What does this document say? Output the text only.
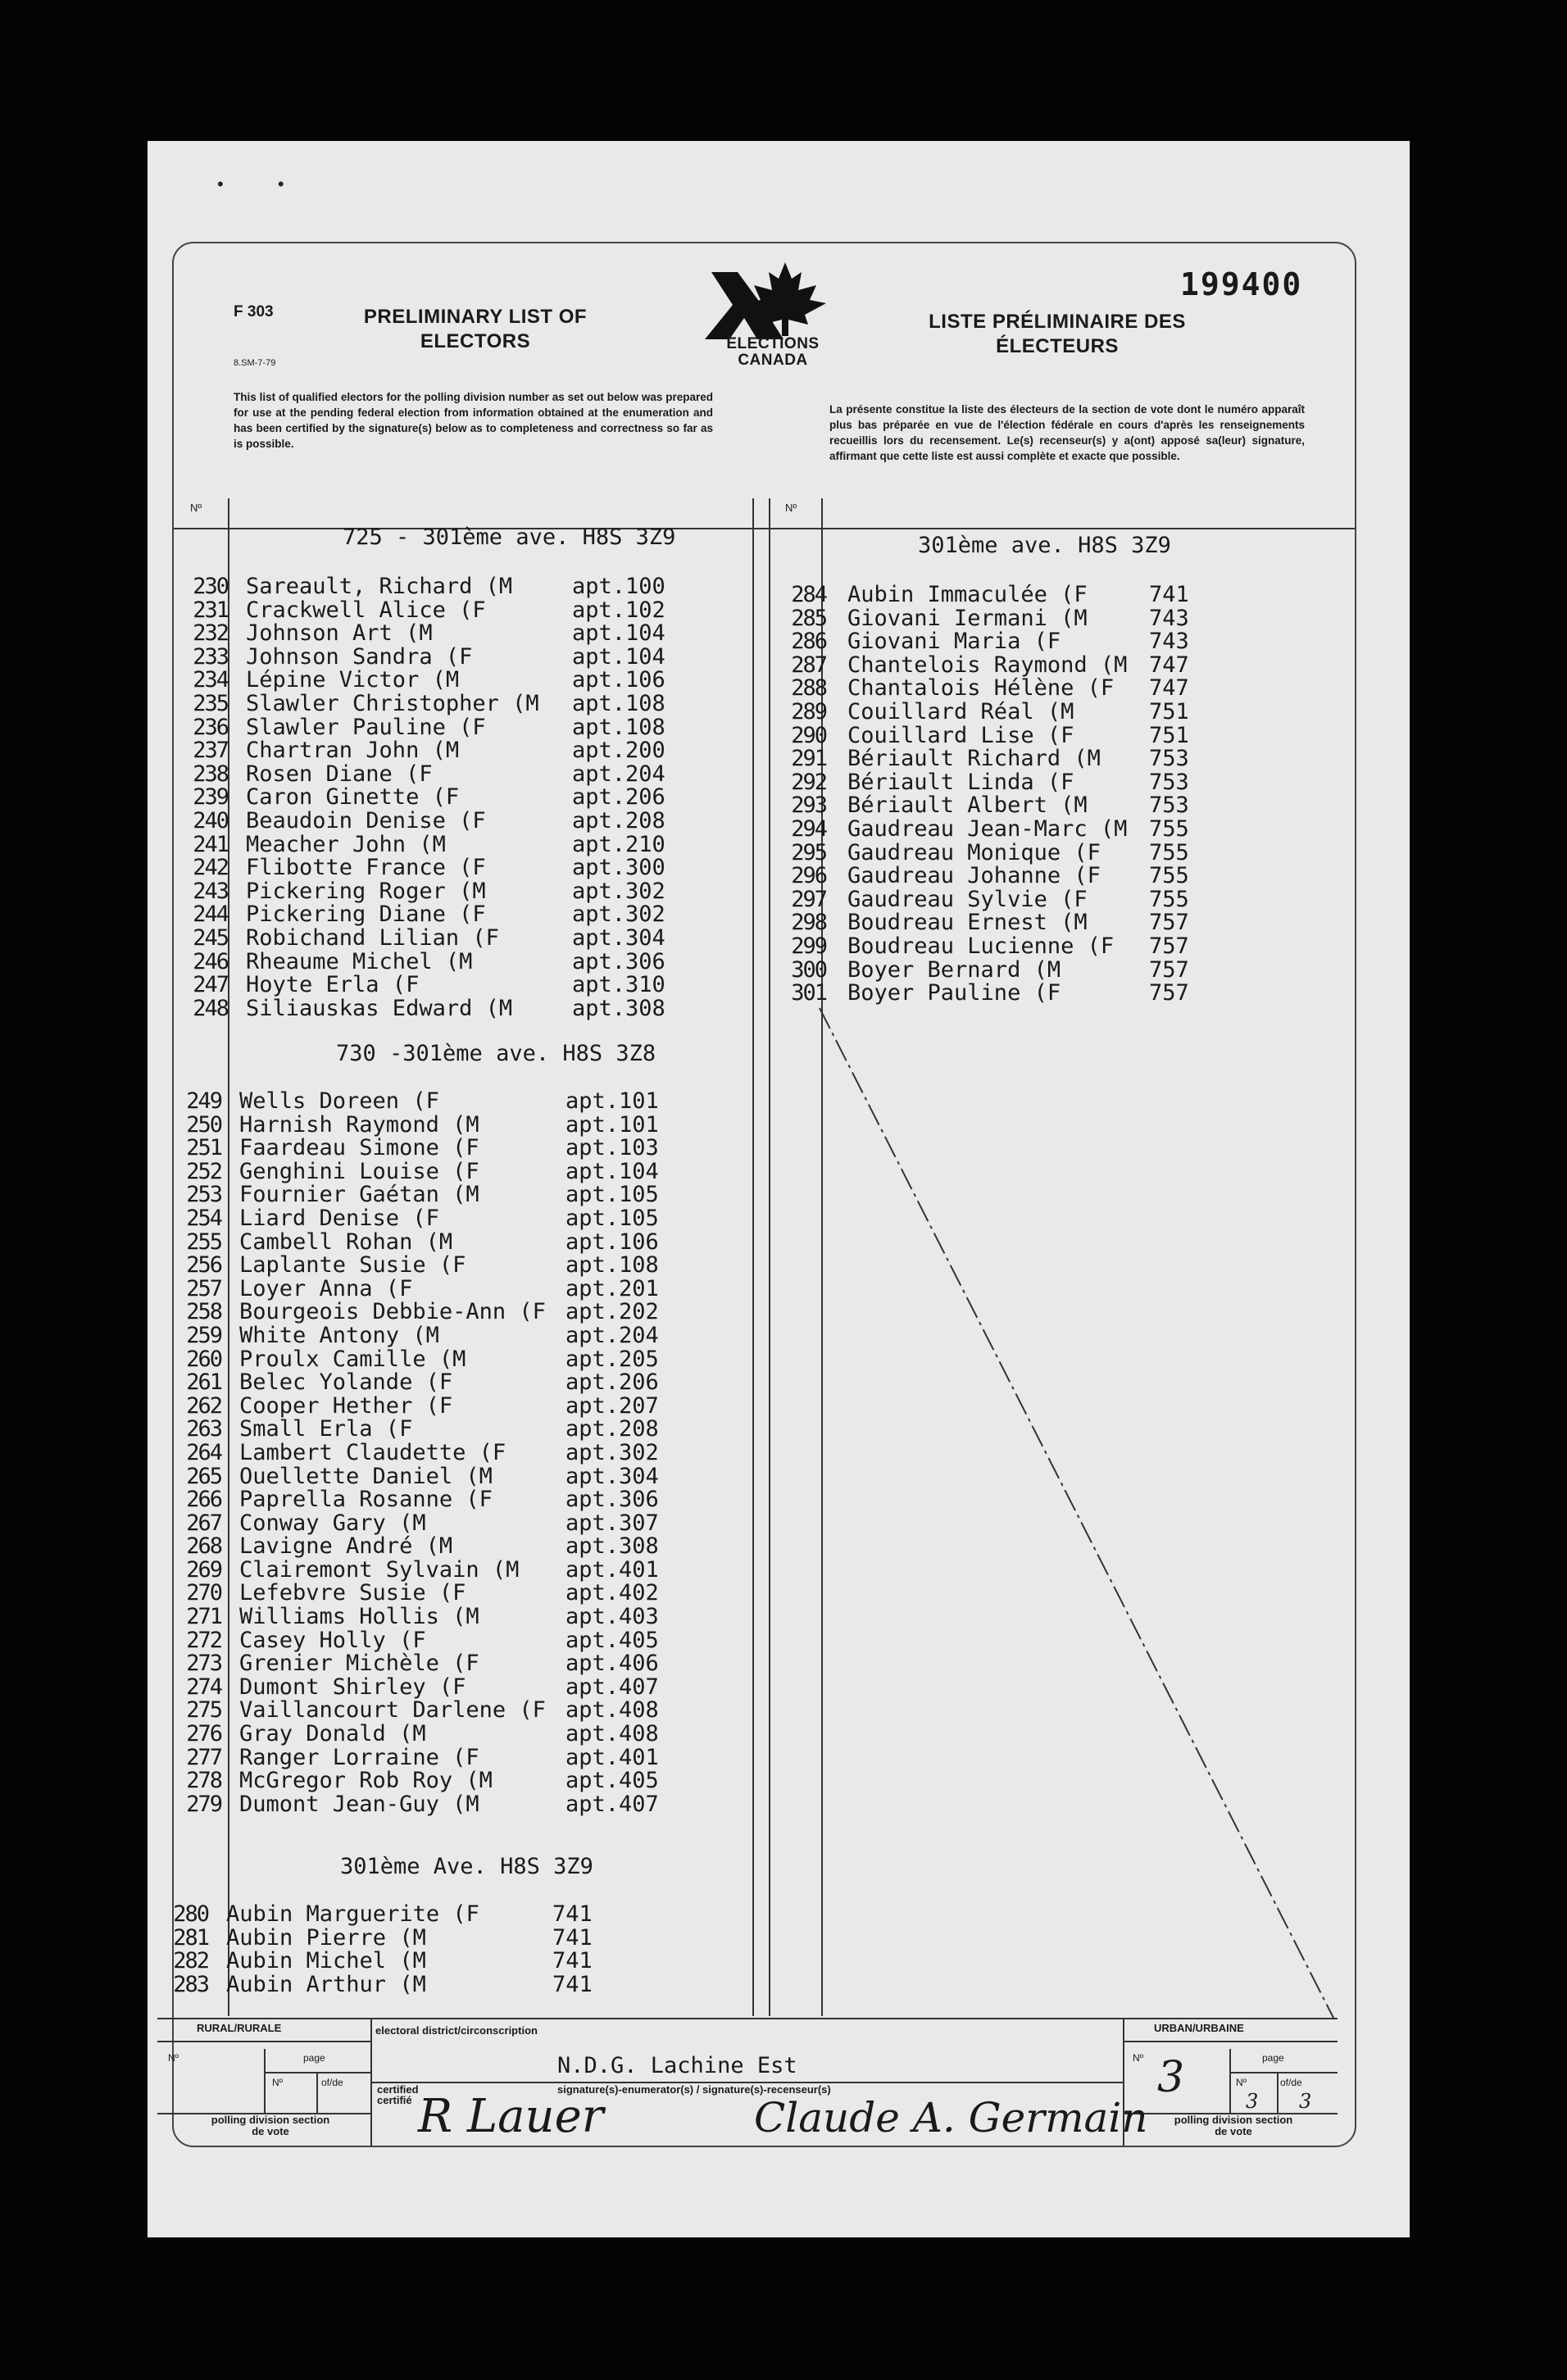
• •
F 303
8.SM-7-79
PRELIMINARY LIST OF ELECTORS	ELECTIONS CANADA
199400
LISTE PRÉLIMINAIRE DES ÉLECTEURS
This list of qualified electors for the polling division number as set out below was prepared for use at the pending federal election from information obtained at the enumeration and has been certified by the signature(s) below as to completeness and correctness so far as is possible.
La présente constitue la liste des électeurs de la section de vote dont le numéro apparaît plus bas préparée en vue de l'élection fédérale en cours d'après les renseignements recueillis lors du recensement. Le(s) recenseur(s) y a(ont) apposé sa(leur) signature, affirmant que cette liste est aussi complète et exacte que possible.
Nº	Nº
725 - 301ème ave. H8S 3Z9
230 Sareault, Richard (M	apt.100
231 Crackwell Alice (F	apt.102
232 Johnson Art (M	apt.104
233 Johnson Sandra (F	apt.104
234 Lépine Victor (M	apt.106
235 Slawler Christopher (M apt.108
236 Slawler Pauline (F	apt.108
237 Chartran John (M	apt.200
238 Rosen Diane (F	apt.204
239 Caron Ginette (F	apt.206
240 Beaudoin Denise (F	apt.208
241 Meacher John (M	apt.210
242 Flibotte France (F	apt.300
243 Pickering Roger (M	apt.302
244 Pickering Diane (F	apt.302
245 Robichand Lilian (F	apt.304
246 Rheaume Michel (M	apt.306
247 Hoyte Erla (F	apt.310
248 Siliauskas Edward (M	apt.308
730 -301ème ave. H8S 3Z8
249 Wells Doreen (F	apt.101
250 Harnish Raymond (M	apt.101
251 Faardeau Simone (F	apt.103
252 Genghini Louise (F	apt.104
253 Fournier Gaétan (M	apt.105
254 Liard Denise (F	apt.105
255 Cambell Rohan (M	apt.106
256 Laplante Susie (F	apt.108
257 Loyer Anna (F	apt.201
258 Bourgeois Debbie-Ann (F apt.202
259 White Antony (M	apt.204
260 Proulx Camille (M	apt.205
261 Belec Yolande (F	apt.206
262 Cooper Hether (F	apt.207
263 Small Erla (F	apt.208
264 Lambert Claudette (F	apt.302
265 Ouellette Daniel (M	apt.304
266 Paprella Rosanne (F	apt.306
267 Conway Gary (M	apt.307
268 Lavigne André (M	apt.308
269 Clairemont Sylvain (M apt.401
270 Lefebvre Susie (F	apt.402
271 Williams Hollis (M	apt.403
272 Casey Holly (F	apt.405
273 Grenier Michèle (F	apt.406
274 Dumont Shirley (F	apt.407
275 Vaillancourt Darlene (F apt.408
276 Gray Donald (M	apt.408
277 Ranger Lorraine (F	apt.401
278 McGregor Rob Roy (M	apt.405
279 Dumont Jean-Guy (M	apt.407
301ème Ave. H8S 3Z9
280 Aubin Marguerite (F	741
281 Aubin Pierre (M	741
282 Aubin Michel (M	741
283 Aubin Arthur (M	741
301ème ave. H8S 3Z9
284 Aubin Immaculée (F	741
285 Giovani Iermani (M	743
286 Giovani Maria (F	743
287 Chantelois Raymond (M 747
288 Chantalois Hélène (F 747
289 Couillard Réal (M	751
290 Couillard Lise (F	751
291 Bériault Richard (M 753
292 Bériault Linda (F	753
293 Bériault Albert (M	753
294 Gaudreau Jean-Marc (M 755
295 Gaudreau Monique (F 755
296 Gaudreau Johanne (F 755
297 Gaudreau Sylvie (F	755
298 Boudreau Ernest (M	757
299 Boudreau Lucienne (F 757
300 Boyer Bernard (M	757
301 Boyer Pauline (F	757
RURAL/RURALE	URBAN/URBAINE
Nº	page
Nº	of/de
polling division section de vote
electoral district/circonscription
N.D.G. Lachine Est
certified certifié
signature(s)-enumerator(s) / signature(s)-recenseur(s)
R Lauer	Claude A. Germain
Nº 3	page
Nº	of/de
3 3
polling division section de vote
